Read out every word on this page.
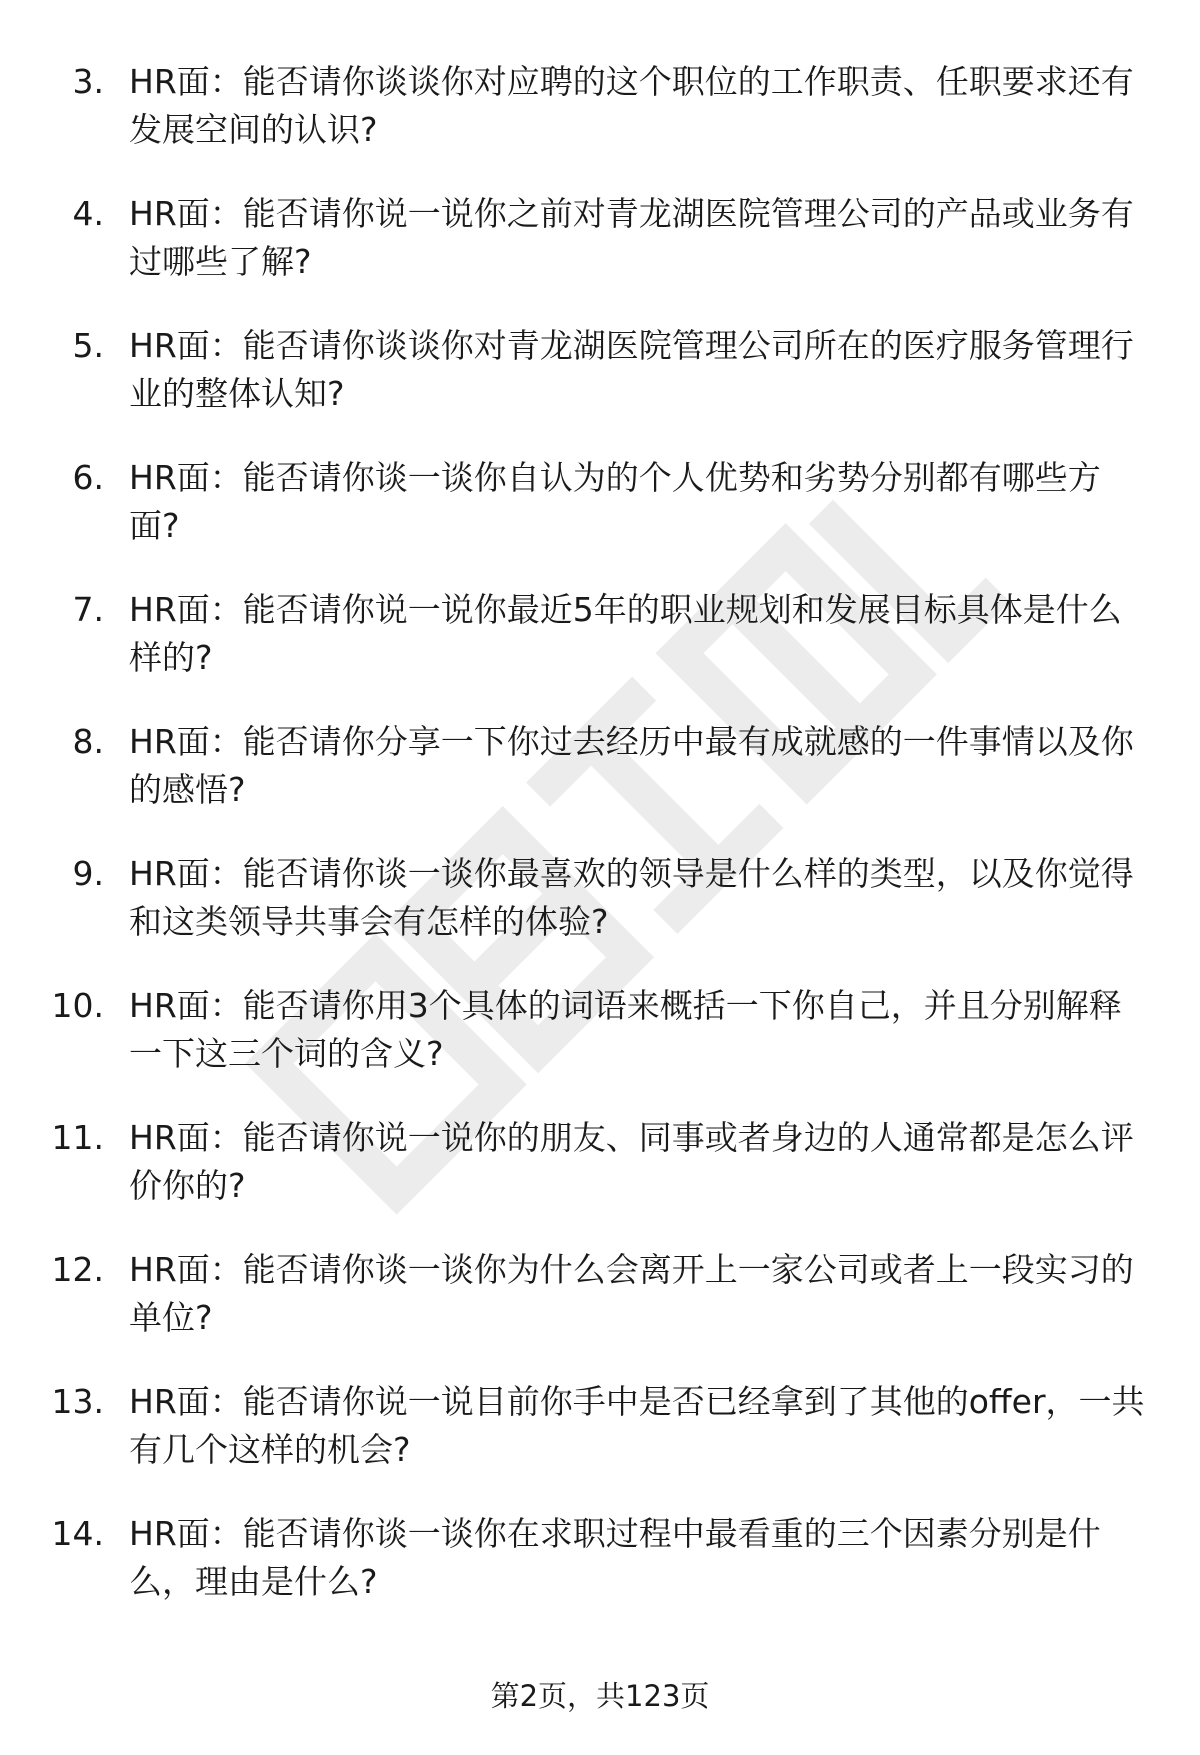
3. HR面：能否请你谈谈你对应聘的这个职位的工作职责、任职要求还有发展空间的认识?
4. HR面：能否请你说一说你之前对青龙湖医院管理公司的产品或业务有过哪些了解?
5. HR面：能否请你谈谈你对青龙湖医院管理公司所在的医疗服务管理行业的整体认知?
6. HR面：能否请你谈一谈你自认为的个人优势和劣势分别都有哪些方面?
7. HR面：能否请你说一说你最近5年的职业规划和发展目标具体是什么样的?
8. HR面：能否请你分享一下你过去经历中最有成就感的一件事情以及你的感悟?
9. HR面：能否请你谈一谈你最喜欢的领导是什么样的类型，以及你觉得和这类领导共事会有怎样的体验?
10. HR面：能否请你用3个具体的词语来概括一下你自己，并且分别解释一下这三个词的含义?
11. HR面：能否请你说一说你的朋友、同事或者身边的人通常都是怎么评价你的?
12. HR面：能否请你谈一谈你为什么会离开上一家公司或者上一段实习的单位?
13. HR面：能否请你说一说目前你手中是否已经拿到了其他的offer，一共有几个这样的机会?
14. HR面：能否请你谈一谈你在求职过程中最看重的三个因素分别是什么，理由是什么?
第2页，共123页
